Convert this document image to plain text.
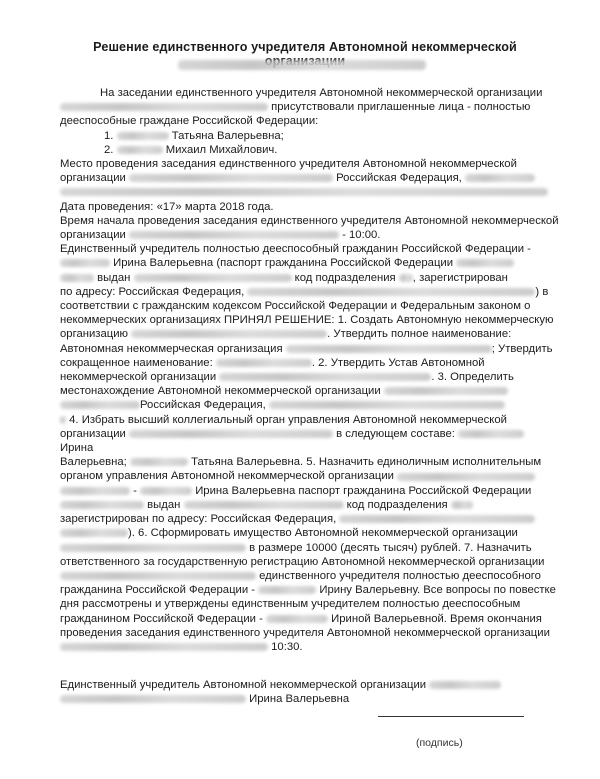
Решение единственного учредителя Автономной некоммерческой

На заседании единственного учредителя Автономной некоммерческой организации

присутствовали приглашенные лица - полностью

дееспособные граждане Российской Федерации:

1.	Татьяна Валерьевна;

2.	Михаил Михайлович.

Место проведения заседания единственного учредителя Автономной некоммерческой

организации	Российская Федерация,

Дата проведения: «17» марта 2018 года.

Время начала проведения заседания единственного учредителя Автономной некоммерческой

организации	- 10:00.

Единственный учредитель полностью дееспособный гражданин Российской Федерации -

Ирина Валерьевна (паспорт гражданина Российской Федерации

выдан	код подразделения , зарегистрирован

по адресу: Российская Федерация,	) в

соответствии с гражданским кодексом Российской Федерации и Федеральным законом о

некоммерческих организациях ПРИНЯЛ РЕШЕНИЕ: 1. Создать Автономную некоммерческую

организацию	. Утвердить полное наименование:

Автономная некоммерческая организация	; Утвердить

сокращенное наименование:	. 2. Утвердить Устав Автономной

некоммерческой организации	. 3. Определить

местонахождение Автономной некоммерческой организации

Российская Федерация,

4. Избрать высший коллегиальный орган управления Автономной некоммерческой

организации	в следующем составе:  Ирина

Валерьевна;	Татьяна Валерьевна. 5. Назначить единоличным исполнительным

органом управления Автономной некоммерческой организации

-	Ирина Валерьевна паспорт гражданина Российской Федерации

выдан	код подразделения

зарегистрирован по адресу: Российская Федерация,

). 6. Сформировать имущество Автономной некоммерческой организации

в размере 10000 (десять тысяч) рублей. 7. Назначить

ответственного за государственную регистрацию Автономной некоммерческой организации

единственного учредителя полностью дееспособного

гражданина Российской Федерации -	Ирину Валерьевну. Все вопросы по повестке

дня рассмотрены и утверждены единственным учредителем полностью дееспособным

гражданином Российской Федерации -	Ириной Валерьевной. Время окончания

проведения заседания единственного учредителя Автономной некоммерческой организации

10:30.

Единственный учредитель Автономной некоммерческой организации

Ирина Валерьевна

(подпись)
